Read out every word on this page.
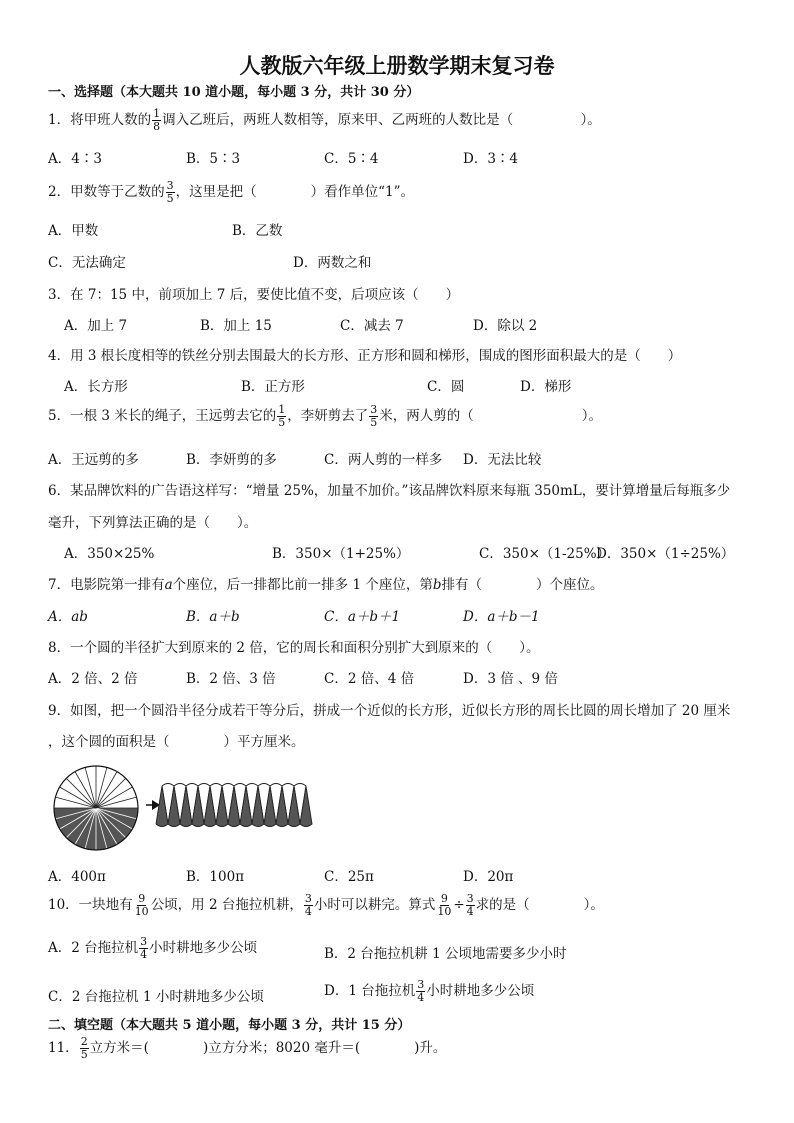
人教版六年级上册数学期末复习卷
一、选择题（本大题共 10 道小题，每小题 3 分，共计 30 分）
1．将甲班人数的 $\frac{1}{8}$ 调入乙班后，两班人数相等，原来甲、乙两班的人数比是（　　　　　）。
A．4∶3	B．5∶3	C．5∶4	D．3∶4
2．甲数等于乙数的 $\frac{3}{5}$ ，这里是把（　　　　）看作单位“1”。
A．甲数	B．乙数
C．无法确定	D．两数之和
3．在 7：15 中，前项加上 7 后，要使比值不变，后项应该（　　）
A．加上 7	B．加上 15	C．减去 7	D．除以 2
4．用 3 根长度相等的铁丝分别去围最大的长方形、正方形和圆和梯形，围成的图形面积最大的是（　　）
A．长方形	B．正方形	C．圆	D．梯形
5．一根 3 米长的绳子，王远剪去它的 $\frac{1}{5}$ ，李妍剪去了 $\frac{3}{5}$ 米，两人剪的（　　　　　　　　）。
A．王远剪的多	B．李妍剪的多	C．两人剪的一样多 D．无法比较
6．某品牌饮料的广告语这样写：“增量 25%，加量不加价。”该品牌饮料原来每瓶 350mL，要计算增量后每瓶多少
毫升，下列算法正确的是（　　）。
A．350×25%	B．350×（1+25%）	C．350×（1-25%）
D．350×（1÷25%）
7．电影院第一排有a个座位，后一排都比前一排多 1 个座位，第b排有（　　　　）个座位。
A．ab	B．a＋b	C．a＋b＋1	D．a＋b－1
8．一个圆的半径扩大到原来的 2 倍，它的周长和面积分别扩大到原来的（　　）。
A．2 倍、2 倍	B．2 倍、3 倍	C．2 倍、4 倍	D．3 倍 、9 倍
9．如图，把一个圆沿半径分成若干等分后，拼成一个近似的长方形，近似长方形的周长比圆的周长增加了 20 厘米
，这个圆的面积是（　　　　）平方厘米。
A．400π	B．100π	C．25π	D．20π
10．一块地有 $\frac{9}{10}$ 公顷，用 2 台拖拉机耕， $\frac{3}{4}$ 小时可以耕完。算式 $\frac{9}{10} \div \frac{3}{4}$ 求的是（　　　　）。
A．2 台拖拉机 $\frac{3}{4}$ 小时耕地多少公顷	B．2 台拖拉机耕 1 公顷地需要多少小时
C．2 台拖拉机 1 小时耕地多少公顷	D．1 台拖拉机 $\frac{3}{4}$ 小时耕地多少公顷
二、填空题（本大题共 5 道小题，每小题 3 分，共计 15 分）
11． $\frac{2}{5}$ 立方米＝(　　　　)立方分米；8020 毫升＝(　　　　)升。
